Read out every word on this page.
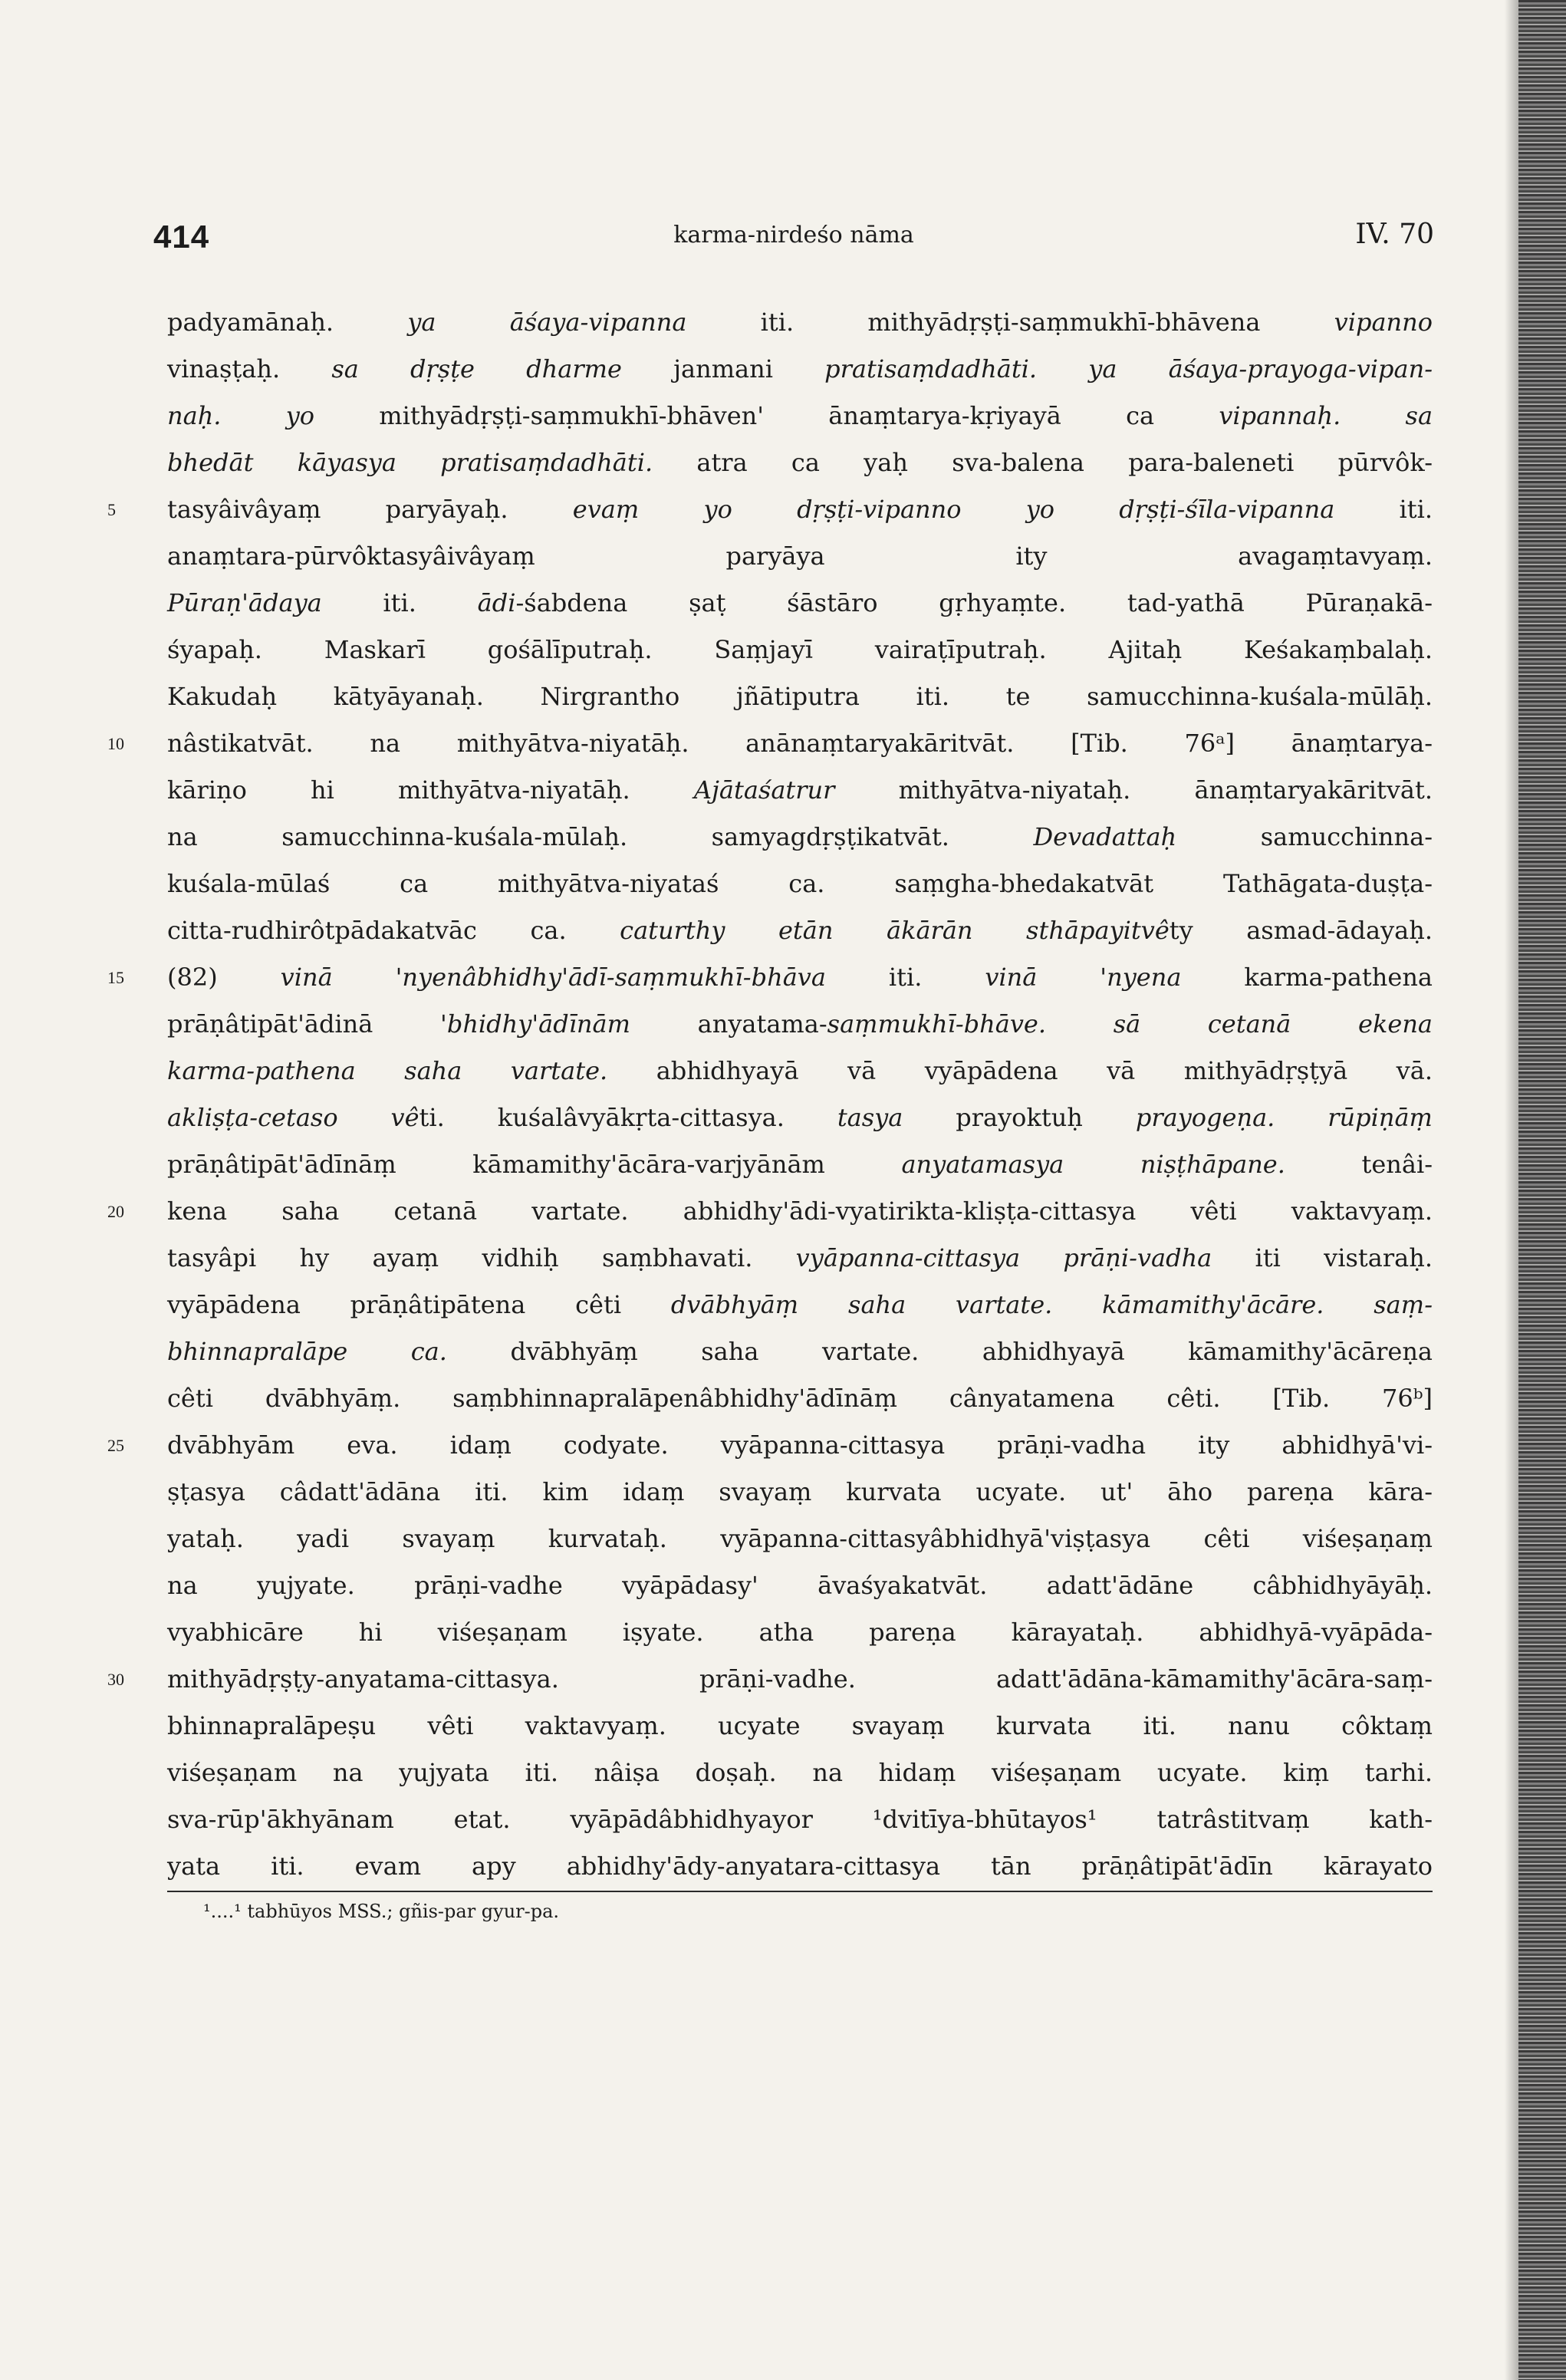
414	karma-nirdeśo nāma	IV. 70
padyamānaḥ. ya āśaya-vipanna iti. mithyādṛṣṭi-saṃmukhī-bhāvena vipanno
vinaṣṭaḥ. sa dṛṣṭe dharme janmani pratisaṃdadhāti. ya āśaya-prayoga-vipan-
naḥ. yo mithyādṛṣṭi-saṃmukhī-bhāven' ānaṃtarya-kṛiyayā ca vipannaḥ. sa
bhedāt kāyasya pratisaṃdadhāti. atra ca yaḥ sva-balena para-baleneti pūrvôk-
5	tasyâivâyaṃ paryāyaḥ. evaṃ yo dṛṣṭi-vipanno yo dṛṣṭi-śīla-vipanna iti.
anaṃtara-pūrvôktasyâivâyaṃ paryāya ity avagaṃtavyaṃ.
Pūraṇ'ādaya iti. ādi-śabdena ṣaṭ śāstāro gṛhyaṃte. tad-yathā Pūraṇakā-
śyapaḥ. Maskarī gośālīputraḥ. Saṃjayī vairaṭīputraḥ. Ajitaḥ Keśakaṃbalaḥ.
Kakudaḥ kātyāyanaḥ. Nirgrantho jñātiputra iti. te samucchinna-kuśala-mūlāḥ.
10	nâstikatvāt. na mithyātva-niyatāḥ. anānaṃtaryakāritvāt. [Tib. 76ᵃ] ānaṃtarya-
kāriṇo hi mithyātva-niyatāḥ. Ajātaśatrur mithyātva-niyataḥ. ānaṃtaryakāritvāt.
na samucchinna-kuśala-mūlaḥ. samyagdṛṣṭikatvāt. Devadattaḥ samucchinna-
kuśala-mūlaś ca mithyātva-niyataś ca. saṃgha-bhedakatvāt Tathāgata-duṣṭa-
citta-rudhirôtpādakatvāc ca. caturthy etān ākārān sthāpayitvêty asmad-ādayaḥ.
15	(82) vinā 'nyenâbhidhy'ādī-saṃmukhī-bhāva iti. vinā 'nyena karma-pathena
prāṇâtipāt'ādinā 'bhidhy'ādīnām anyatama-saṃmukhī-bhāve. sā cetanā ekena
karma-pathena saha vartate. abhidhyayā vā vyāpādena vā mithyādṛṣṭyā vā.
akliṣṭa-cetaso vêti. kuśalâvyākṛta-cittasya. tasya prayoktuḥ prayogeṇa. rūpiṇāṃ
prāṇâtipāt'ādīnāṃ kāmamithy'ācāra-varjyānām anyatamasya niṣṭhāpane. tenâi-
20	kena saha cetanā vartate. abhidhy'ādi-vyatirikta-kliṣṭa-cittasya vêti vaktavyaṃ.
tasyâpi hy ayaṃ vidhiḥ saṃbhavati. vyāpanna-cittasya prāṇi-vadha iti vistaraḥ.
vyāpādena prāṇâtipātena cêti dvābhyāṃ saha vartate. kāmamithy'ācāre. saṃ-
bhinnapralāpe ca. dvābhyāṃ saha vartate. abhidhyayā kāmamithy'ācāreṇa
cêti dvābhyāṃ. saṃbhinnapralāpenâbhidhy'ādīnāṃ cânyatamena cêti. [Tib. 76ᵇ]
25	dvābhyām eva. idaṃ codyate. vyāpanna-cittasya prāṇi-vadha ity abhidhyā'vi-
ṣṭasya câdatt'ādāna iti. kim idaṃ svayaṃ kurvata ucyate. ut' āho pareṇa kāra-
yataḥ. yadi svayaṃ kurvataḥ. vyāpanna-cittasyâbhidhyā'viṣṭasya cêti viśeṣaṇaṃ
na yujyate. prāṇi-vadhe vyāpādasy' āvaśyakatvāt. adatt'ādāne câbhidhyāyāḥ.
vyabhicāre hi viśeṣaṇam iṣyate. atha pareṇa kārayataḥ. abhidhyā-vyāpāda-
30	mithyādṛṣṭy-anyatama-cittasya. prāṇi-vadhe. adatt'ādāna-kāmamithy'ācāra-saṃ-
bhinnapralāpeṣu vêti vaktavyaṃ. ucyate svayaṃ kurvata iti. nanu côktaṃ
viśeṣaṇam na yujyata iti. nâiṣa doṣaḥ. na hidaṃ viśeṣaṇam ucyate. kiṃ tarhi.
sva-rūp'ākhyānam etat. vyāpādâbhidhyayor ¹dvitīya-bhūtayos¹ tatrâstitvaṃ kath-
yata iti. evam apy abhidhy'ādy-anyatara-cittasya tān prāṇâtipāt'ādīn kārayato
¹....¹ tabhūyos MSS.; gñis-par gyur-pa.
